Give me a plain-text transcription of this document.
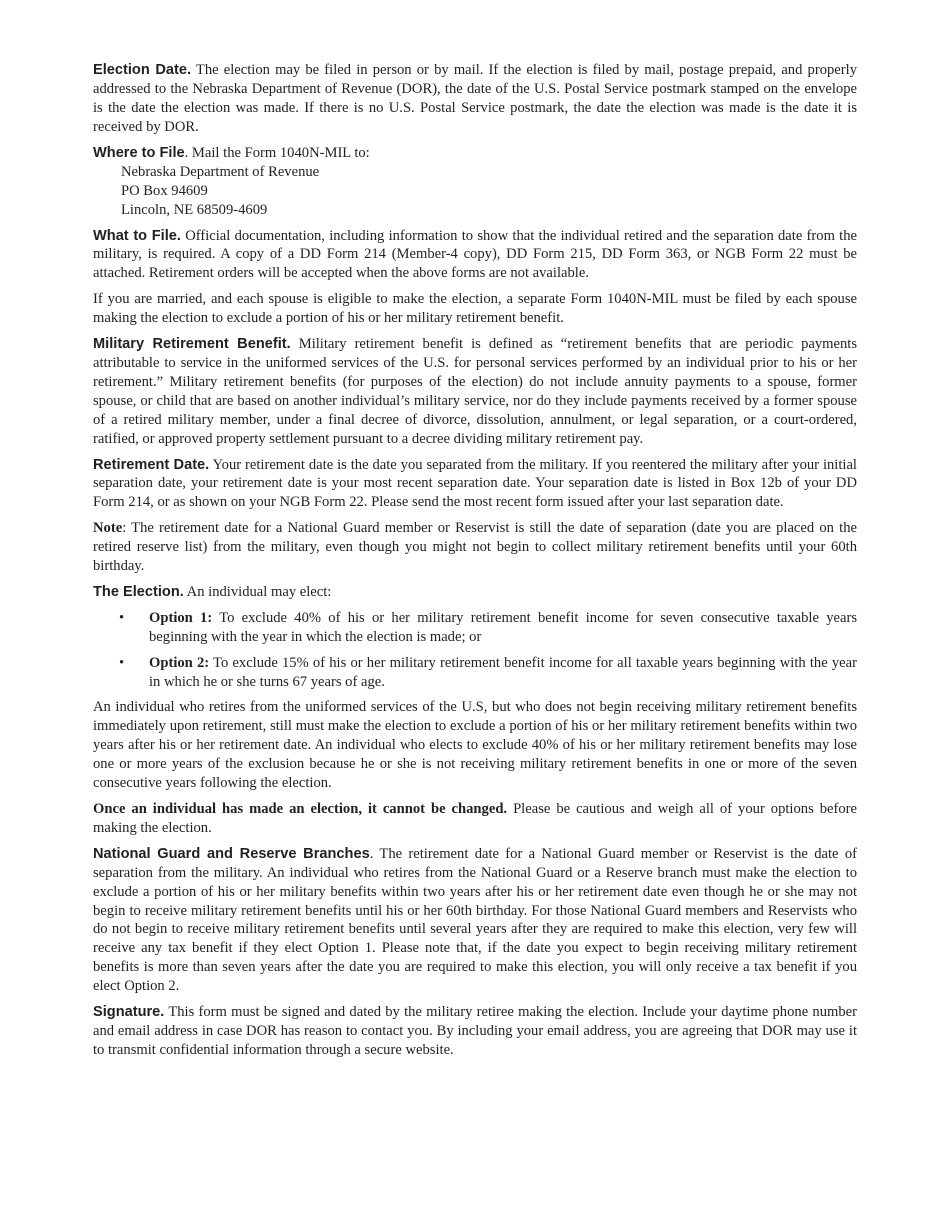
Election Date. The election may be filed in person or by mail. If the election is filed by mail, postage prepaid, and properly addressed to the Nebraska Department of Revenue (DOR), the date of the U.S. Postal Service postmark stamped on the envelope is the date the election was made. If there is no U.S. Postal Service postmark, the date the election was made is the date it is received by DOR.

Where to File. Mail the Form 1040N-MIL to:

Nebraska Department of Revenue
PO Box 94609
Lincoln, NE 68509-4609

What to File. Official documentation, including information to show that the individual retired and the separation date from the military, is required. A copy of a DD Form 214 (Member-4 copy), DD Form 215, DD Form 363, or NGB Form 22 must be attached. Retirement orders will be accepted when the above forms are not available.

If you are married, and each spouse is eligible to make the election, a separate Form 1040N-MIL must be filed by each spouse making the election to exclude a portion of his or her military retirement benefit.

Military Retirement Benefit. Military retirement benefit is defined as “retirement benefits that are periodic payments attributable to service in the uniformed services of the U.S. for personal services performed by an individual prior to his or her retirement.” Military retirement benefits (for purposes of the election) do not include annuity payments to a spouse, former spouse, or child that are based on another individual’s military service, nor do they include payments received by a former spouse of a retired military member, under a final decree of divorce, dissolution, annulment, or legal separation, or a court-ordered, ratified, or approved property settlement pursuant to a decree dividing military retirement pay.

Retirement Date. Your retirement date is the date you separated from the military. If you reentered the military after your initial separation date, your retirement date is your most recent separation date. Your separation date is listed in Box 12b of your DD Form 214, or as shown on your NGB Form 22. Please send the most recent form issued after your last separation date.

Note: The retirement date for a National Guard member or Reservist is still the date of separation (date you are placed on the retired reserve list) from the military, even though you might not begin to collect military retirement benefits until your 60th birthday.

The Election. An individual may elect:

• Option 1: To exclude 40% of his or her military retirement benefit income for seven consecutive taxable years beginning with the year in which the election is made; or
• Option 2: To exclude 15% of his or her military retirement benefit income for all taxable years beginning with the year in which he or she turns 67 years of age.

An individual who retires from the uniformed services of the U.S, but who does not begin receiving military retirement benefits immediately upon retirement, still must make the election to exclude a portion of his or her military retirement benefits within two years after his or her retirement date. An individual who elects to exclude 40% of his or her military retirement benefits may lose one or more years of the exclusion because he or she is not receiving military retirement benefits in one or more of the seven consecutive years following the election.

Once an individual has made an election, it cannot be changed. Please be cautious and weigh all of your options before making the election.

National Guard and Reserve Branches. The retirement date for a National Guard member or Reservist is the date of separation from the military. An individual who retires from the National Guard or a Reserve branch must make the election to exclude a portion of his or her military benefits within two years after his or her retirement date even though he or she may not begin to receive military retirement benefits until his or her 60th birthday. For those National Guard members and Reservists who do not begin to receive military retirement benefits until several years after they are required to make this election, very few will receive any tax benefit if they elect Option 1. Please note that, if the date you expect to begin receiving military retirement benefits is more than seven years after the date you are required to make this election, you will only receive a tax benefit if you elect Option 2.

Signature. This form must be signed and dated by the military retiree making the election. Include your daytime phone number and email address in case DOR has reason to contact you. By including your email address, you are agreeing that DOR may use it to transmit confidential information through a secure website.
